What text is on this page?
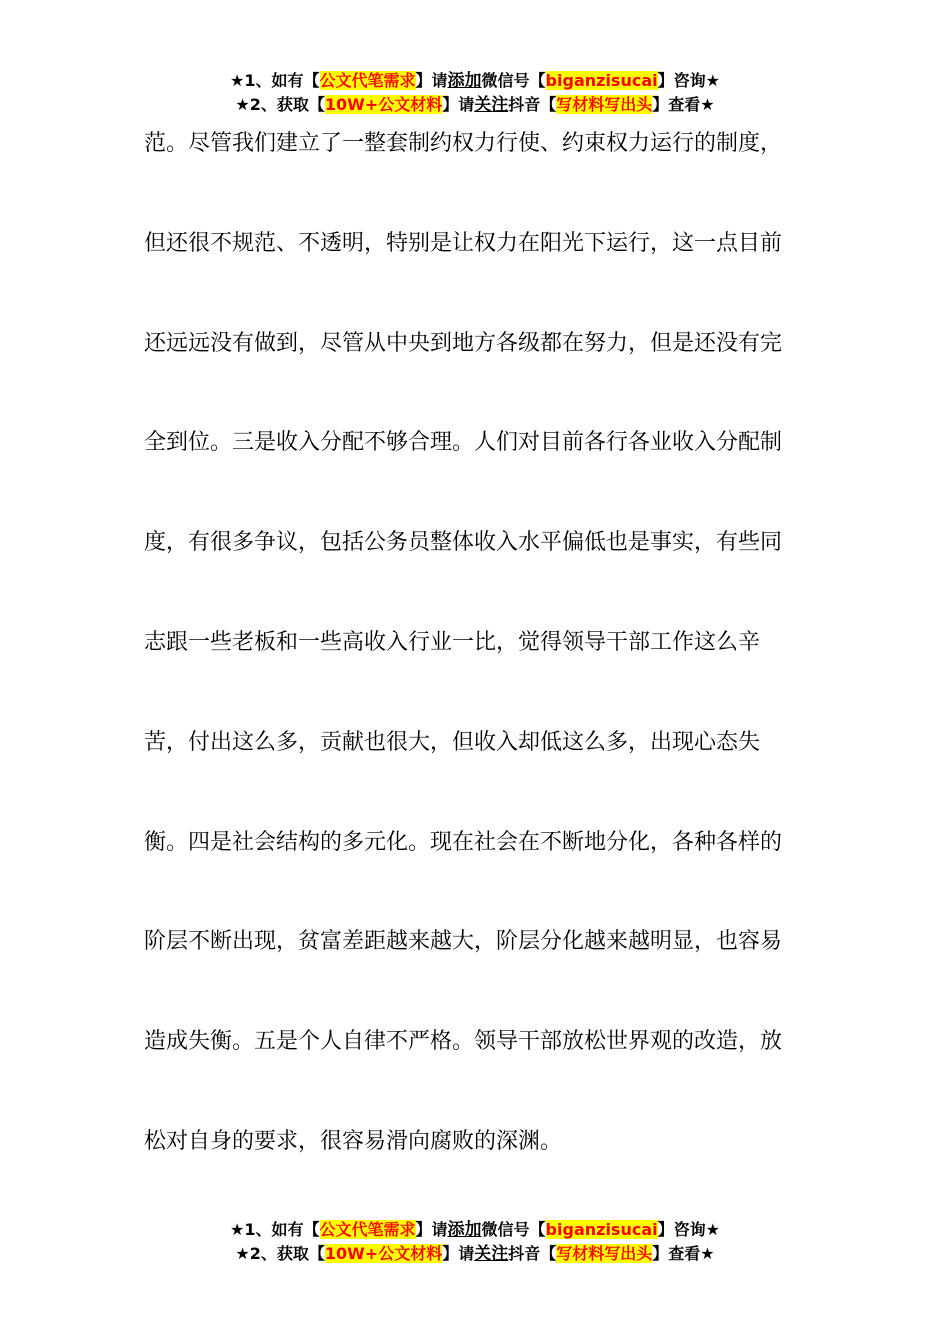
★1、如有【公文代笔需求】请添加微信号【biganzisucai】咨询★
★2、获取【10W+公文材料】请关注抖音【写材料写出头】查看★
范。尽管我们建立了一整套制约权力行使、约束权力运行的制度，
但还很不规范、不透明，特别是让权力在阳光下运行，这一点目前
还远远没有做到，尽管从中央到地方各级都在努力，但是还没有完
全到位。三是收入分配不够合理。人们对目前各行各业收入分配制
度，有很多争议，包括公务员整体收入水平偏低也是事实，有些同
志跟一些老板和一些高收入行业一比，觉得领导干部工作这么辛
苦，付出这么多，贡献也很大，但收入却低这么多，出现心态失
衡。四是社会结构的多元化。现在社会在不断地分化，各种各样的
阶层不断出现，贫富差距越来越大，阶层分化越来越明显，也容易
造成失衡。五是个人自律不严格。领导干部放松世界观的改造，放
松对自身的要求，很容易滑向腐败的深渊。
★1、如有【公文代笔需求】请添加微信号【biganzisucai】咨询★
★2、获取【10W+公文材料】请关注抖音【写材料写出头】查看★
